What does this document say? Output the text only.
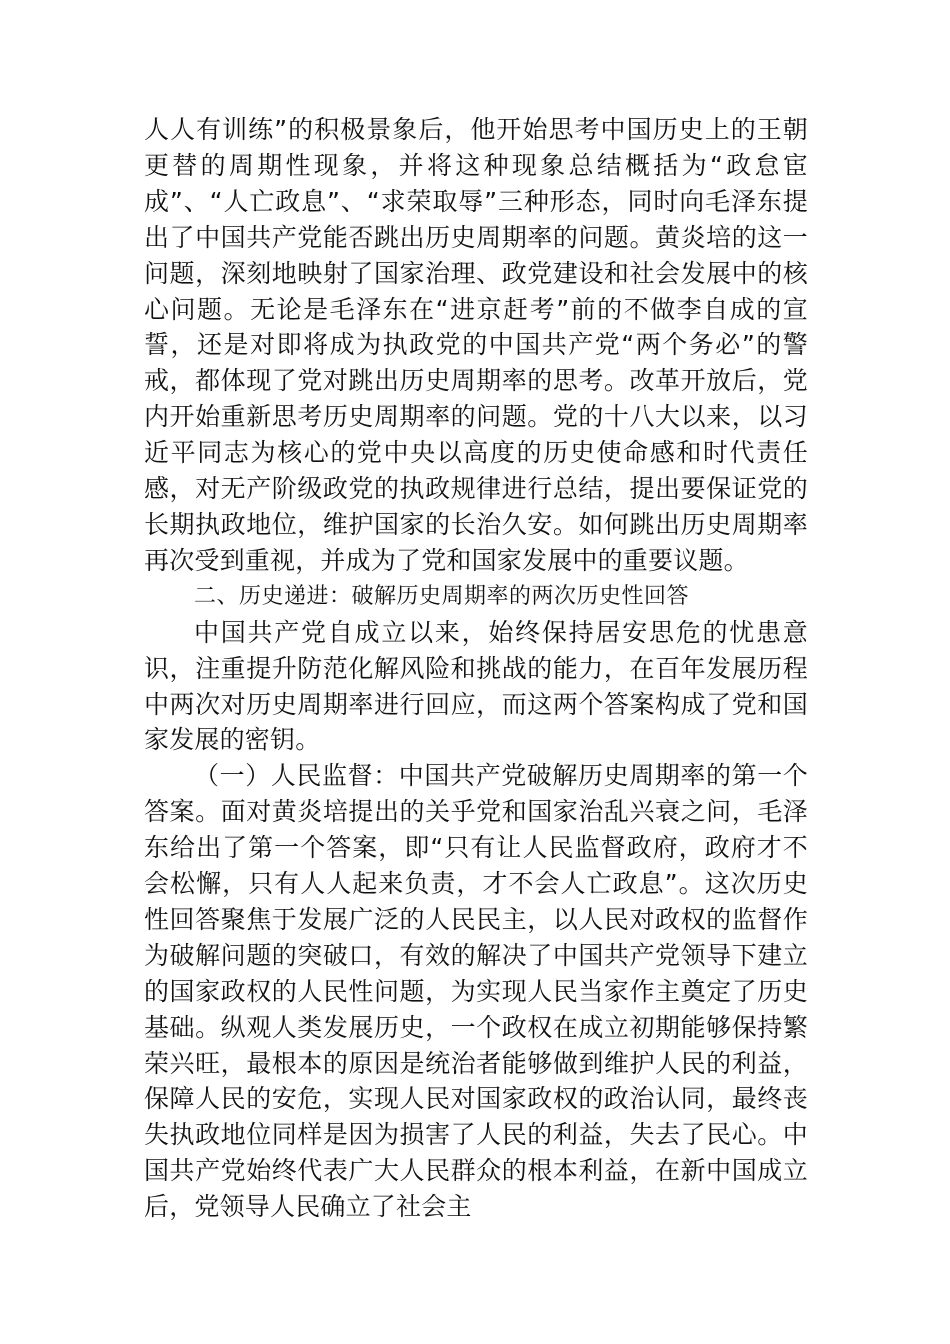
人人有训练”的积极景象后，他开始思考中国历史上的王朝更替的周期性现象，并将这种现象总结概括为“政怠宦成”、“人亡政息”、“求荣取辱”三种形态，同时向毛泽东提出了中国共产党能否跳出历史周期率的问题。黄炎培的这一问题，深刻地映射了国家治理、政党建设和社会发展中的核心问题。无论是毛泽东在“进京赶考”前的不做李自成的宣誓，还是对即将成为执政党的中国共产党“两个务必”的警戒，都体现了党对跳出历史周期率的思考。改革开放后，党内开始重新思考历史周期率的问题。党的十八大以来，以习近平同志为核心的党中央以高度的历史使命感和时代责任感，对无产阶级政党的执政规律进行总结，提出要保证党的长期执政地位，维护国家的长治久安。如何跳出历史周期率再次受到重视，并成为了党和国家发展中的重要议题。

二、历史递进：破解历史周期率的两次历史性回答

中国共产党自成立以来，始终保持居安思危的忧患意识，注重提升防范化解风险和挑战的能力，在百年发展历程中两次对历史周期率进行回应，而这两个答案构成了党和国家发展的密钥。

（一）人民监督：中国共产党破解历史周期率的第一个答案。面对黄炎培提出的关乎党和国家治乱兴衰之问，毛泽东给出了第一个答案，即“只有让人民监督政府，政府才不会松懈，只有人人起来负责，才不会人亡政息”。这次历史性回答聚焦于发展广泛的人民民主，以人民对政权的监督作为破解问题的突破口，有效的解决了中国共产党领导下建立的国家政权的人民性问题，为实现人民当家作主奠定了历史基础。纵观人类发展历史，一个政权在成立初期能够保持繁荣兴旺，最根本的原因是统治者能够做到维护人民的利益，保障人民的安危，实现人民对国家政权的政治认同，最终丧失执政地位同样是因为损害了人民的利益，失去了民心。中国共产党始终代表广大人民群众的根本利益，在新中国成立后，党领导人民确立了社会主
